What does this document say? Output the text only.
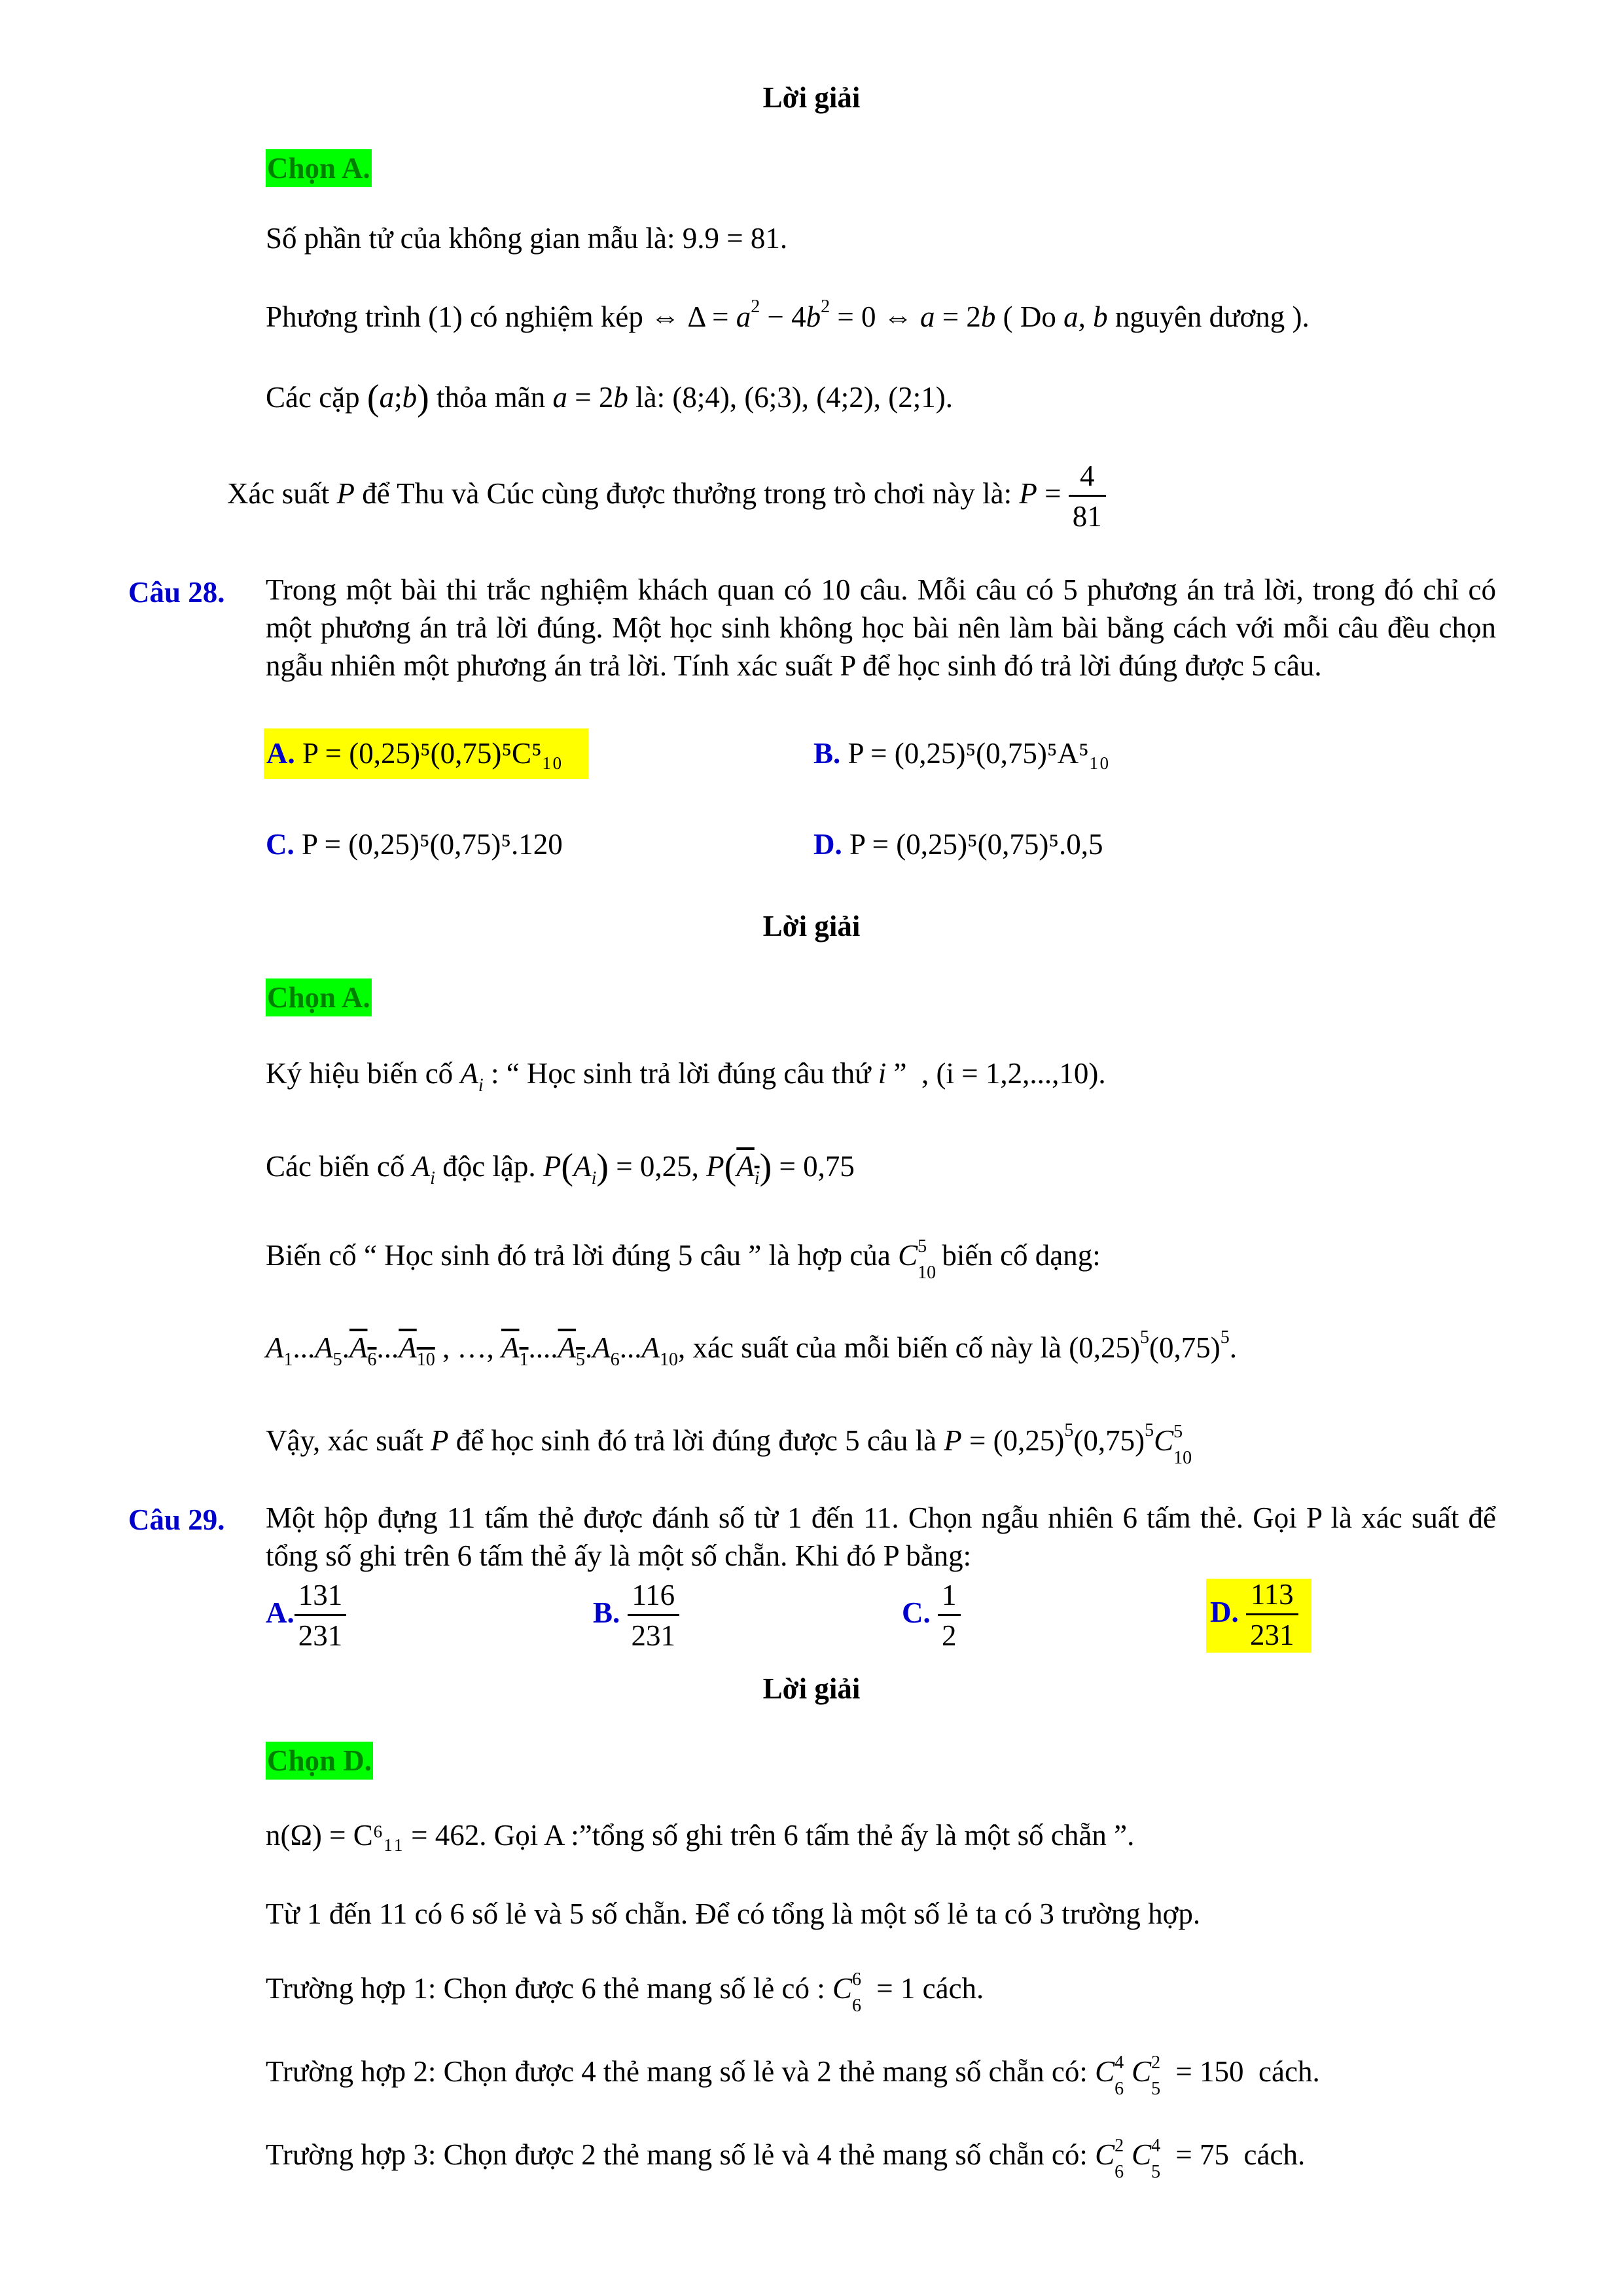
Lời giải
Chọn A.
Số phần tử của không gian mẫu là: 9.9 = 81.
Phương trình (1) có nghiệm kép ⇔ $\Delta = a^2 - 4b^2 = 0$ ⇔ a = 2b ( Do a, b nguyên dương ).
Các cặp (a;b) thỏa mãn a = 2b là: (8;4), (6;3), (4;2), (2;1).
Xác suất P để Thu và Cúc cùng được thưởng trong trò chơi này là: $P = \frac{4}{81}$
Câu 28. Trong một bài thi trắc nghiệm khách quan có 10 câu. Mỗi câu có 5 phương án trả lời, trong đó chỉ có một phương án trả lời đúng. Một học sinh không học bài nên làm bài bằng cách với mỗi câu đều chọn ngẫu nhiên một phương án trả lời. Tính xác suất P để học sinh đó trả lời đúng được 5 câu.
A. P = (0,25)⁵(0,75)⁵C⁵₁₀	B. P = (0,25)⁵(0,75)⁵A⁵₁₀
C. P = (0,25)⁵(0,75)⁵.120	D. P = (0,25)⁵(0,75)⁵.0,5
Lời giải
Chọn A.
Ký hiệu biến cố $A_i$ : “ Học sinh trả lời đúng câu thứ i ”  , (i = 1,2,...,10).
Các biến cố $A_i$ độc lập. $P(A_i) = 0,25$, $P(A_i) = 0,75$
Biến cố “ Học sinh đó trả lời đúng 5 câu ” là hợp của C 5
10
biến cố dạng:
$A_1...A_5.A_6...A_{10}$ , …, $A_1....A_5.A_6...A_{10}$, xác suất của mỗi biến cố này là $(0,25)^5(0,75)^5$.
Vậy, xác suất P để học sinh đó trả lời đúng được 5 câu là $P = (0,25)^5(0,75)^5C$ 5
10
Câu 29. Một hộp đựng 11 tấm thẻ được đánh số từ 1 đến 11. Chọn ngẫu nhiên 6 tấm thẻ. Gọi P là xác suất để tổng số ghi trên 6 tấm thẻ ấy là một số chẵn. Khi đó P bằng:
A. $\frac{131}{231}$	B. $\frac{116}{231}$	C. $\frac{1}{2}$	D. $\frac{113}{231}$
Lời giải
Chọn D.
n(Ω) = C⁶₁₁ = 462. Gọi A :”tổng số ghi trên 6 tấm thẻ ấy là một số chẵn ”.
Từ 1 đến 11 có 6 số lẻ và 5 số chẵn. Để có tổng là một số lẻ ta có 3 trường hợp.
Trường hợp 1: Chọn được 6 thẻ mang số lẻ có : C 6
6
= 1 cách.
Trường hợp 2: Chọn được 4 thẻ mang số lẻ và 2 thẻ mang số chẵn có: C 4
6
C 2
5
= 150 cách.
Trường hợp 3: Chọn được 2 thẻ mang số lẻ và 4 thẻ mang số chẵn có: C 2
6
C 4
5
= 75 cách.
